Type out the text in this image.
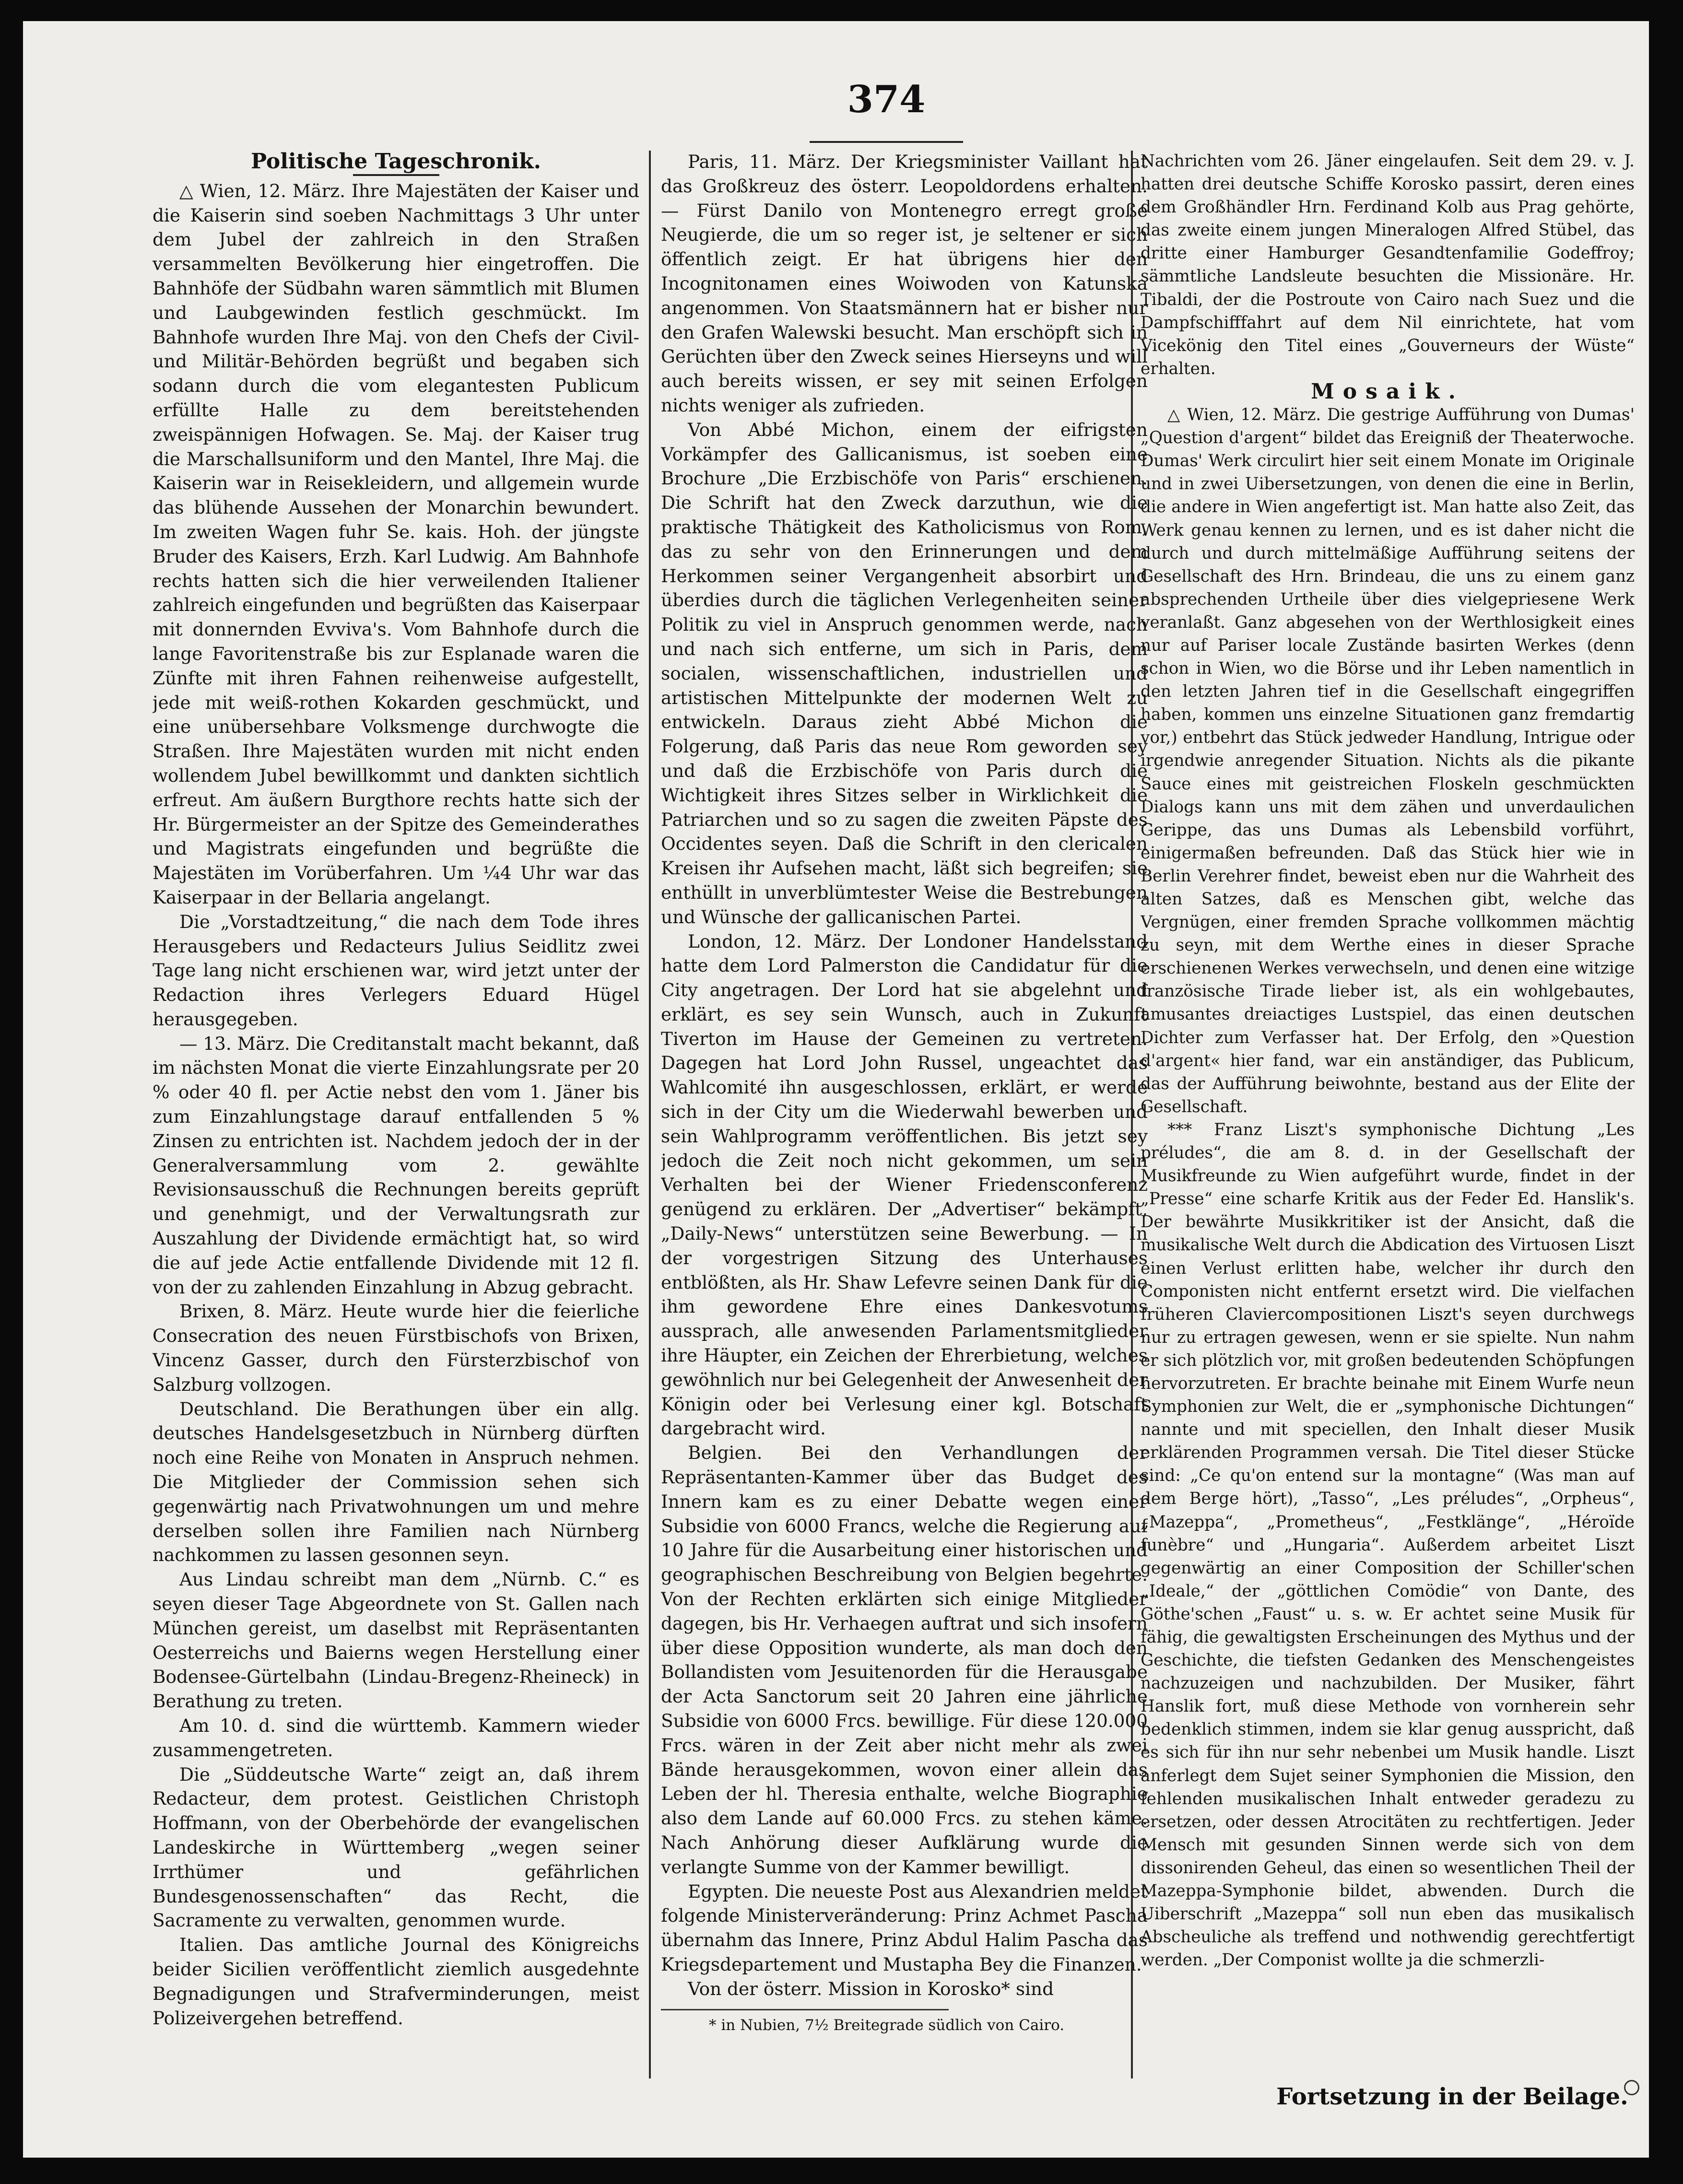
374

Politische Tageschronik.

△ Wien, 12. März. Ihre Majestäten der Kaiser und die Kaiserin sind soeben Nachmittags 3 Uhr unter dem Jubel der zahlreich in den Straßen versammelten Bevölkerung hier eingetroffen. Die Bahnhöfe der Südbahn waren sämmtlich mit Blumen und Laubgewinden festlich geschmückt. Im Bahnhofe wurden Ihre Maj. von den Chefs der Civil- und Militär-Behörden begrüßt und begaben sich sodann durch die vom elegantesten Publicum erfüllte Halle zu dem bereitstehenden zweispännigen Hofwagen. Se. Maj. der Kaiser trug die Marschallsuniform und den Mantel, Ihre Maj. die Kaiserin war in Reisekleidern, und allgemein wurde das blühende Aussehen der Monarchin bewundert. Im zweiten Wagen fuhr Se. kais. Hoh. der jüngste Bruder des Kaisers, Erzh. Karl Ludwig. Am Bahnhofe rechts hatten sich die hier verweilenden Italiener zahlreich eingefunden und begrüßten das Kaiserpaar mit donnernden Evviva's. Vom Bahnhofe durch die lange Favoritenstraße bis zur Esplanade waren die Zünfte mit ihren Fahnen reihenweise aufgestellt, jede mit weiß-rothen Kokarden geschmückt, und eine unübersehbare Volksmenge durchwogte die Straßen. Ihre Majestäten wurden mit nicht enden wollendem Jubel bewillkommt und dankten sichtlich erfreut. Am äußern Burgthore rechts hatte sich der Hr. Bürgermeister an der Spitze des Gemeinderathes und Magistrats eingefunden und begrüßte die Majestäten im Vorüberfahren. Um ¼4 Uhr war das Kaiserpaar in der Bellaria angelangt.

Die „Vorstadtzeitung,“ die nach dem Tode ihres Herausgebers und Redacteurs Julius Seidlitz zwei Tage lang nicht erschienen war, wird jetzt unter der Redaction ihres Verlegers Eduard Hügel herausgegeben.

— 13. März. Die Creditanstalt macht bekannt, daß im nächsten Monat die vierte Einzahlungsrate per 20 % oder 40 fl. per Actie nebst den vom 1. Jäner bis zum Einzahlungstage darauf entfallenden 5 % Zinsen zu entrichten ist. Nachdem jedoch der in der Generalversammlung vom 2. gewählte Revisionsausschuß die Rechnungen bereits geprüft und genehmigt, und der Verwaltungsrath zur Auszahlung der Dividende ermächtigt hat, so wird die auf jede Actie entfallende Dividende mit 12 fl. von der zu zahlenden Einzahlung in Abzug gebracht.

Brixen, 8. März. Heute wurde hier die feierliche Consecration des neuen Fürstbischofs von Brixen, Vincenz Gasser, durch den Fürsterzbischof von Salzburg vollzogen.

Deutschland. Die Berathungen über ein allg. deutsches Handelsgesetzbuch in Nürnberg dürften noch eine Reihe von Monaten in Anspruch nehmen. Die Mitglieder der Commission sehen sich gegenwärtig nach Privatwohnungen um und mehre derselben sollen ihre Familien nach Nürnberg nachkommen zu lassen gesonnen seyn.

Aus Lindau schreibt man dem „Nürnb. C.“ es seyen dieser Tage Abgeordnete von St. Gallen nach München gereist, um daselbst mit Repräsentanten Oesterreichs und Baierns wegen Herstellung einer Bodensee-Gürtelbahn (Lindau-Bregenz-Rheineck) in Berathung zu treten.

Am 10. d. sind die württemb. Kammern wieder zusammengetreten.

Die „Süddeutsche Warte“ zeigt an, daß ihrem Redacteur, dem protest. Geistlichen Christoph Hoffmann, von der Oberbehörde der evangelischen Landeskirche in Württemberg „wegen seiner Irrthümer und gefährlichen Bundesgenossenschaften“ das Recht, die Sacramente zu verwalten, genommen wurde.

Italien. Das amtliche Journal des Königreichs beider Sicilien veröffentlicht ziemlich ausgedehnte Begnadigungen und Strafverminderungen, meist Polizeivergehen betreffend.

Paris, 11. März. Der Kriegsminister Vaillant hat das Großkreuz des österr. Leopoldordens erhalten. — Fürst Danilo von Montenegro erregt große Neugierde, die um so reger ist, je seltener er sich öffentlich zeigt. Er hat übrigens hier den Incognitonamen eines Woiwoden von Katunska angenommen. Von Staatsmännern hat er bisher nur den Grafen Walewski besucht. Man erschöpft sich in Gerüchten über den Zweck seines Hierseyns und will auch bereits wissen, er sey mit seinen Erfolgen nichts weniger als zufrieden.

Von Abbé Michon, einem der eifrigsten Vorkämpfer des Gallicanismus, ist soeben eine Brochure „Die Erzbischöfe von Paris“ erschienen. Die Schrift hat den Zweck darzuthun, wie die praktische Thätigkeit des Katholicismus von Rom, das zu sehr von den Erinnerungen und dem Herkommen seiner Vergangenheit absorbirt und überdies durch die täglichen Verlegenheiten seiner Politik zu viel in Anspruch genommen werde, nach und nach sich entferne, um sich in Paris, dem socialen, wissenschaftlichen, industriellen und artistischen Mittelpunkte der modernen Welt zu entwickeln. Daraus zieht Abbé Michon die Folgerung, daß Paris das neue Rom geworden sey und daß die Erzbischöfe von Paris durch die Wichtigkeit ihres Sitzes selber in Wirklichkeit die Patriarchen und so zu sagen die zweiten Päpste des Occidentes seyen. Daß die Schrift in den clericalen Kreisen ihr Aufsehen macht, läßt sich begreifen; sie enthüllt in unverblümtester Weise die Bestrebungen und Wünsche der gallicanischen Partei.

London, 12. März. Der Londoner Handelsstand hatte dem Lord Palmerston die Candidatur für die City angetragen. Der Lord hat sie abgelehnt und erklärt, es sey sein Wunsch, auch in Zukunft Tiverton im Hause der Gemeinen zu vertreten. Dagegen hat Lord John Russel, ungeachtet das Wahlcomité ihn ausgeschlossen, erklärt, er werde sich in der City um die Wiederwahl bewerben und sein Wahlprogramm veröffentlichen. Bis jetzt sey jedoch die Zeit noch nicht gekommen, um sein Verhalten bei der Wiener Friedensconferenz genügend zu erklären. Der „Advertiser“ bekämpft, „Daily-News“ unterstützen seine Bewerbung. — In der vorgestrigen Sitzung des Unterhauses entblößten, als Hr. Shaw Lefevre seinen Dank für die ihm gewordene Ehre eines Dankesvotums aussprach, alle anwesenden Parlamentsmitglieder ihre Häupter, ein Zeichen der Ehrerbietung, welches gewöhnlich nur bei Gelegenheit der Anwesenheit der Königin oder bei Verlesung einer kgl. Botschaft dargebracht wird.

Belgien. Bei den Verhandlungen der Repräsentanten-Kammer über das Budget des Innern kam es zu einer Debatte wegen einer Subsidie von 6000 Francs, welche die Regierung auf 10 Jahre für die Ausarbeitung einer historischen und geographischen Beschreibung von Belgien begehrte. Von der Rechten erklärten sich einige Mitglieder dagegen, bis Hr. Verhaegen auftrat und sich insofern über diese Opposition wunderte, als man doch den Bollandisten vom Jesuitenorden für die Herausgabe der Acta Sanctorum seit 20 Jahren eine jährliche Subsidie von 6000 Frcs. bewillige. Für diese 120.000 Frcs. wären in der Zeit aber nicht mehr als zwei Bände herausgekommen, wovon einer allein das Leben der hl. Theresia enthalte, welche Biographie also dem Lande auf 60.000 Frcs. zu stehen käme. Nach Anhörung dieser Aufklärung wurde die verlangte Summe von der Kammer bewilligt.

Egypten. Die neueste Post aus Alexandrien meldet folgende Ministerveränderung: Prinz Achmet Pascha übernahm das Innere, Prinz Abdul Halim Pascha das Kriegsdepartement und Mustapha Bey die Finanzen.

Von der österr. Mission in Korosko* sind

* in Nubien, 7½ Breitegrade südlich von Cairo.

Nachrichten vom 26. Jäner eingelaufen. Seit dem 29. v. J. hatten drei deutsche Schiffe Korosko passirt, deren eines dem Großhändler Hrn. Ferdinand Kolb aus Prag gehörte, das zweite einem jungen Mineralogen Alfred Stübel, das dritte einer Hamburger Gesandtenfamilie Godeffroy; sämmtliche Landsleute besuchten die Missionäre. Hr. Tibaldi, der die Postroute von Cairo nach Suez und die Dampfschifffahrt auf dem Nil einrichtete, hat vom Vicekönig den Titel eines „Gouverneurs der Wüste“ erhalten.

Mosaik.

△ Wien, 12. März. Die gestrige Aufführung von Dumas' „Question d'argent“ bildet das Ereigniß der Theaterwoche. Dumas' Werk circulirt hier seit einem Monate im Originale und in zwei Uibersetzungen, von denen die eine in Berlin, die andere in Wien angefertigt ist. Man hatte also Zeit, das Werk genau kennen zu lernen, und es ist daher nicht die durch und durch mittelmäßige Aufführung seitens der Gesellschaft des Hrn. Brindeau, die uns zu einem ganz absprechenden Urtheile über dies vielgepriesene Werk veranlaßt. Ganz abgesehen von der Werthlosigkeit eines nur auf Pariser locale Zustände basirten Werkes (denn schon in Wien, wo die Börse und ihr Leben namentlich in den letzten Jahren tief in die Gesellschaft eingegriffen haben, kommen uns einzelne Situationen ganz fremdartig vor,) entbehrt das Stück jedweder Handlung, Intrigue oder irgendwie anregender Situation. Nichts als die pikante Sauce eines mit geistreichen Floskeln geschmückten Dialogs kann uns mit dem zähen und unverdaulichen Gerippe, das uns Dumas als Lebensbild vorführt, einigermaßen befreunden. Daß das Stück hier wie in Berlin Verehrer findet, beweist eben nur die Wahrheit des alten Satzes, daß es Menschen gibt, welche das Vergnügen, einer fremden Sprache vollkommen mächtig zu seyn, mit dem Werthe eines in dieser Sprache erschienenen Werkes verwechseln, und denen eine witzige französische Tirade lieber ist, als ein wohlgebautes, amusantes dreiactiges Lustspiel, das einen deutschen Dichter zum Verfasser hat. Der Erfolg, den »Question d'argent« hier fand, war ein anständiger, das Publicum, das der Aufführung beiwohnte, bestand aus der Elite der Gesellschaft.

*** Franz Liszt's symphonische Dichtung „Les préludes“, die am 8. d. in der Gesellschaft der Musikfreunde zu Wien aufgeführt wurde, findet in der „Presse“ eine scharfe Kritik aus der Feder Ed. Hanslik's. Der bewährte Musikkritiker ist der Ansicht, daß die musikalische Welt durch die Abdication des Virtuosen Liszt einen Verlust erlitten habe, welcher ihr durch den Componisten nicht entfernt ersetzt wird. Die vielfachen früheren Claviercompositionen Liszt's seyen durchwegs nur zu ertragen gewesen, wenn er sie spielte. Nun nahm er sich plötzlich vor, mit großen bedeutenden Schöpfungen hervorzutreten. Er brachte beinahe mit Einem Wurfe neun Symphonien zur Welt, die er „symphonische Dichtungen“ nannte und mit speciellen, den Inhalt dieser Musik erklärenden Programmen versah. Die Titel dieser Stücke sind: „Ce qu'on entend sur la montagne“ (Was man auf dem Berge hört), „Tasso“, „Les préludes“, „Orpheus“, „Mazeppa“, „Prometheus“, „Festklänge“, „Héroïde funèbre“ und „Hungaria“. Außerdem arbeitet Liszt gegenwärtig an einer Composition der Schiller'schen „Ideale,“ der „göttlichen Comödie“ von Dante, des Göthe'schen „Faust“ u. s. w. Er achtet seine Musik für fähig, die gewaltigsten Erscheinungen des Mythus und der Geschichte, die tiefsten Gedanken des Menschengeistes nachzuzeigen und nachzubilden. Der Musiker, fährt Hanslik fort, muß diese Methode von vornherein sehr bedenklich stimmen, indem sie klar genug ausspricht, daß es sich für ihn nur sehr nebenbei um Musik handle. Liszt anferlegt dem Sujet seiner Symphonien die Mission, den fehlenden musikalischen Inhalt entweder geradezu zu ersetzen, oder dessen Atrocitäten zu rechtfertigen. Jeder Mensch mit gesunden Sinnen werde sich von dem dissonirenden Geheul, das einen so wesentlichen Theil der Mazeppa-Symphonie bildet, abwenden. Durch die Uiberschrift „Mazeppa“ soll nun eben das musikalisch Abscheuliche als treffend und nothwendig gerechtfertigt werden. „Der Componist wollte ja die schmerzli-

Fortsetzung in der Beilage.
